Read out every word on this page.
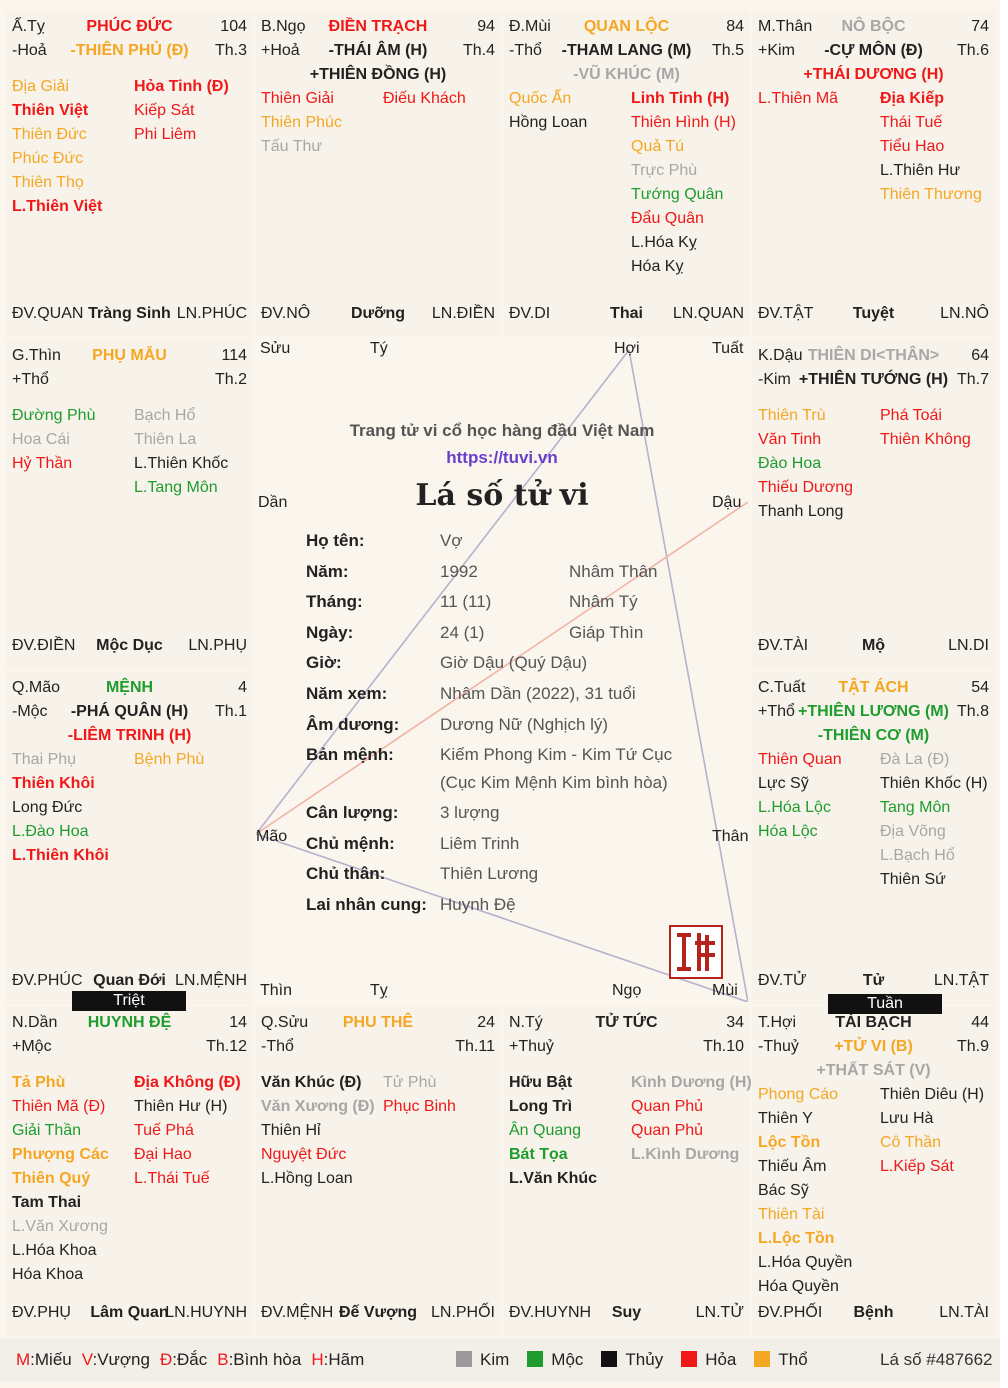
Ấ.Tỵ
-Hoả
PHÚC ĐỨC	104
Th.3
-THIÊN PHỦ (Đ)
Địa Giải
Thiên Việt
Thiên Đức
Phúc Đức
Thiên Thọ
L.Thiên Việt
Hỏa Tinh (Đ)
Kiếp Sát
Phi Liêm
ĐV.QUAN Tràng Sinh LN.PHÚC
B.Ngọ
+Hoả
ĐIỀN TRẠCH	94
Th.4
-THÁI ÂM (H)
+THIÊN ĐỒNG (H)
Thiên Giải
Thiên Phúc
Tấu Thư
Điếu Khách
ĐV.NÔ	Dưỡng	LN.ĐIỀN
Đ.Mùi
-Thổ
QUAN LỘC	84
Th.5
-THAM LANG (M)
-VŨ KHÚC (M)
Quốc Ấn
Hồng Loan
Linh Tinh (H)
Thiên Hình (H)
Quả Tú
Trực Phù
Tướng Quân
Đẩu Quân
L.Hóa Kỵ
Hóa Kỵ
ĐV.DI	Thai	LN.QUAN
M.Thân
+Kim
NÔ BỘC	74
Th.6
-CỰ MÔN (Đ)
+THÁI DƯƠNG (H)
L.Thiên Mã	Địa Kiếp
Thái Tuế
Tiểu Hao
L.Thiên Hư
Thiên Thương
ĐV.TẬT	Tuyệt	LN.NÔ
G.Thìn
+Thổ
PHỤ MẪU	114
Th.2
Đường Phù
Hoa Cái
Hỷ Thần
Bạch Hổ
Thiên La
L.Thiên Khốc
L.Tang Môn
ĐV.ĐIỀN	Mộc Dục	LN.PHỤ
K.Dậu
-Kim
THIÊN DI<THÂN>	64
Th.7
+THIÊN TƯỚNG (H)
Thiên Trù
Văn Tinh
Đào Hoa
Thiếu Dương
Thanh Long
Phá Toái
Thiên Không
ĐV.TÀI	Mộ	LN.DI
Q.Mão
-Mộc
MỆNH	4
Th.1
-PHÁ QUÂN (H)
-LIÊM TRINH (H)
Thai Phụ
Thiên Khôi
Long Đức
L.Đào Hoa
L.Thiên Khôi
Bệnh Phù
ĐV.PHÚC Quan Đới LN.MỆNH
C.Tuất
+Thổ
TẬT ÁCH	54
Th.8
+THIÊN LƯƠNG (M)
-THIÊN CƠ (M)
Thiên Quan
Lực Sỹ
L.Hóa Lộc
Hóa Lộc
Đà La (Đ)
Thiên Khốc (H)
Tang Môn
Địa Võng
L.Bạch Hổ
Thiên Sứ
ĐV.TỬ	Tử	LN.TẬT
N.Dần
+Mộc
HUYNH ĐỆ	14
Th.12
Tả Phù
Thiên Mã (Đ)
Giải Thần
Phượng Các
Thiên Quý
Tam Thai
L.Văn Xương
L.Hóa Khoa
Hóa Khoa
Địa Không (Đ)
Thiên Hư (H)
Tuế Phá
Đại Hao
L.Thái Tuế
ĐV.PHỤ	Lâm Quan
LN.HUYNH
Q.Sửu
-Thổ
PHU THÊ	24
Th.11
Văn Khúc (Đ)
Văn Xương (Đ)
Thiên Hỉ
Nguyệt Đức
L.Hồng Loan
Tử Phù
Phục Binh
ĐV.MỆNH Đế Vượng LN.PHỐI
N.Tý
+Thuỷ
TỬ TỨC	34
Th.10
Hữu Bật
Long Trì
Ân Quang
Bát Tọa
L.Văn Khúc
Kình Dương (H)
Quan Phủ
Quan Phủ
L.Kình Dương
ĐV.HUYNH	Suy	LN.TỬ
T.Hợi
-Thuỷ
TÀI BẠCH	44
Th.9
+TỬ VI (B)
+THẤT SÁT (V)
Phong Cáo
Thiên Y
Lộc Tồn
Thiếu Âm
Bác Sỹ
Thiên Tài
L.Lộc Tồn
L.Hóa Quyền
Hóa Quyền
Thiên Diêu (H)
Lưu Hà
Cô Thần
L.Kiếp Sát
ĐV.PHỐI	Bệnh	LN.TÀI
Sửu	Tý	Hợi	Tuất
Dần	Dậu
Mão	Thân
Thìn	Tỵ	Ngọ	Mùi
Trang tử vi cổ học hàng đầu Việt Nam
https://tuvi.vn
Lá số tử vi
Họ tên:	Vợ
Năm:	1992	Nhâm Thân
Tháng:	11 (11)	Nhâm Tý
Ngày:	24 (1)	Giáp Thìn
Giờ:	Giờ Dậu (Quý Dậu)
Năm xem:	Nhâm Dần (2022), 31 tuổi
Âm dương: Dương Nữ (Nghịch lý)
Bản mệnh:	Kiếm Phong Kim - Kim Tứ Cục
(Cục Kim Mệnh Kim bình hòa)
Cân lượng: 3 lượng
Chủ mệnh:	Liêm Trinh
Chủ thân:	Thiên Lương
Lai nhân cung: Huynh Đệ
Triệt	Tuần
M:Miếu V:Vượng Đ:Đắc B:Bình hòa H:Hãm	Kim Mộc Thủy Hỏa Thổ	Lá số #487662
